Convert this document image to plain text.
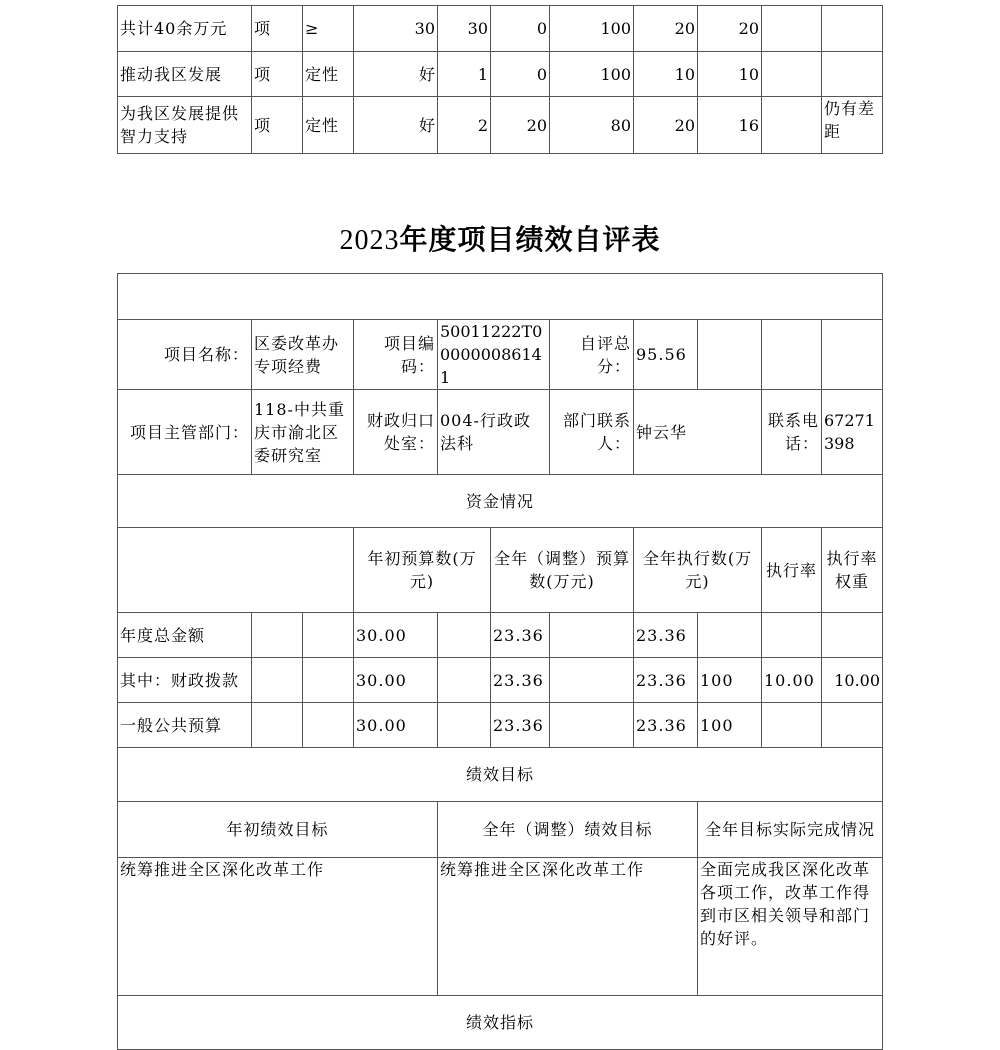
共计40余万元	项	≥	30	30	0	100	20	20		
推动我区发展	项	定性	好	1	0	100	10	10		
为我区发展提供智力支持	项	定性	好	2	20	80	20	16		仍有差距
2023年度项目绩效自评表

项目名称：	区委改革办专项经费		项目编码：	50011222T000000086141		自评总分：	95.56			
项目主管部门：	118-中共重庆市渝北区委研究室		财政归口处室：	004-行政政法科		部门联系人：	钟云华		联系电话：	67271398
资金情况										
			年初预算数(万元)		全年（调整）预算数(万元)		全年执行数(万元)		执行率	执行率权重
年度总金额			30.00		23.36		23.36			
其中：财政拨款			30.00		23.36		23.36	100	10.00	10.00
一般公共预算			30.00		23.36		23.36	100		
绩效目标										
年初绩效目标				全年（调整）绩效目标				全年目标实际完成情况		
统筹推进全区深化改革工作				统筹推进全区深化改革工作				全面完成我区深化改革各项工作，改革工作得到市区相关领导和部门的好评。		
绩效指标										
